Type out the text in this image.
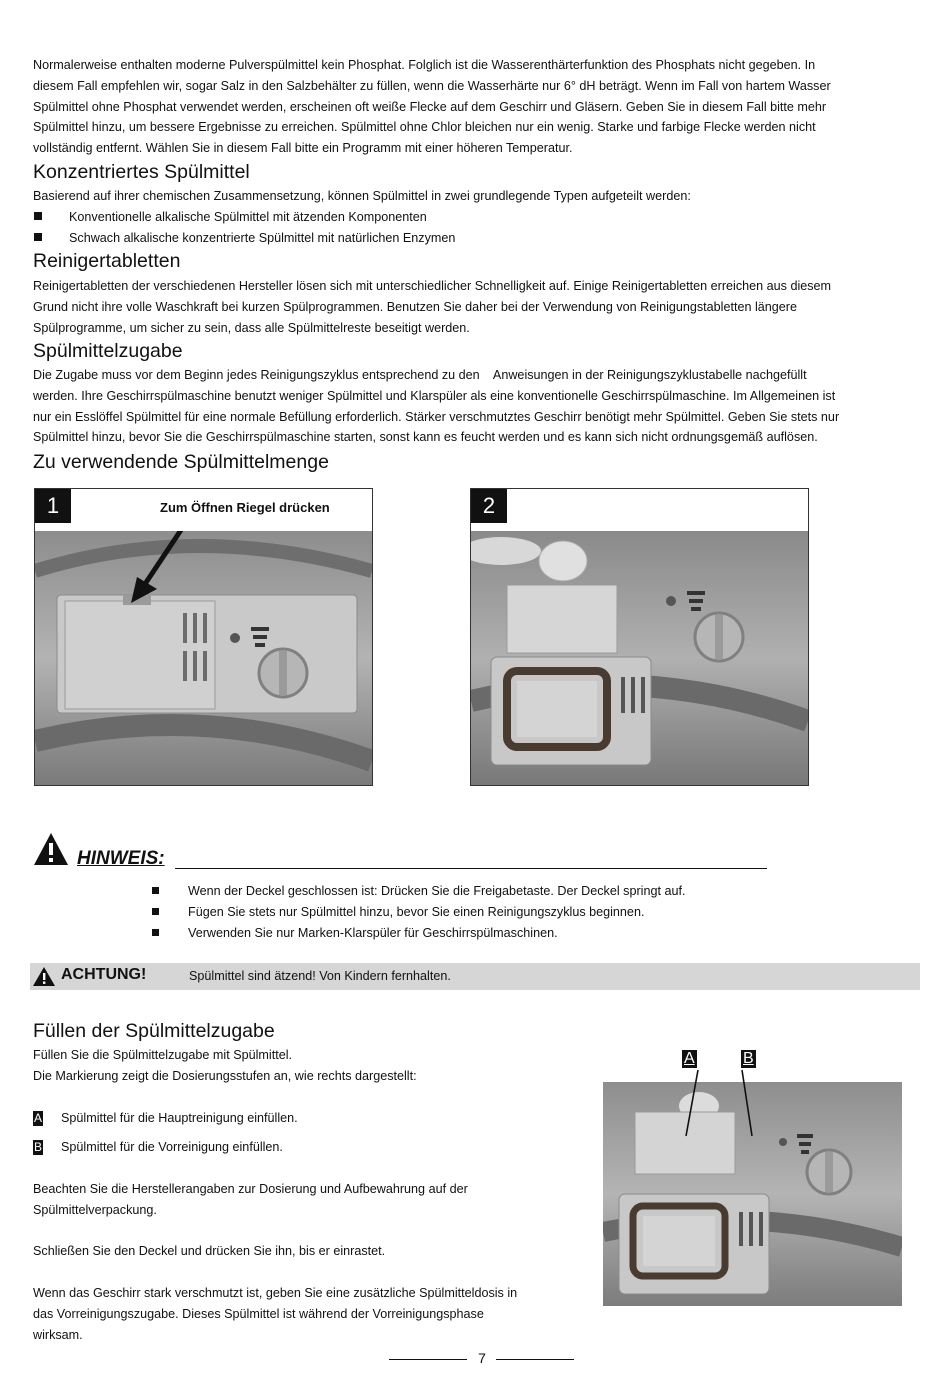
Normalerweise enthalten moderne Pulverspülmittel kein Phosphat. Folglich ist die Wasserenthärterfunktion des Phosphats nicht gegeben. In
diesem Fall empfehlen wir, sogar Salz in den Salzbehälter zu füllen, wenn die Wasserhärte nur 6° dH beträgt. Wenn im Fall von hartem Wasser
Spülmittel ohne Phosphat verwendet werden, erscheinen oft weiße Flecke auf dem Geschirr und Gläsern. Geben Sie in diesem Fall bitte mehr
Spülmittel hinzu, um bessere Ergebnisse zu erreichen. Spülmittel ohne Chlor bleichen nur ein wenig. Starke und farbige Flecke werden nicht
vollständig entfernt. Wählen Sie in diesem Fall bitte ein Programm mit einer höheren Temperatur.
Konzentriertes Spülmittel
Basierend auf ihrer chemischen Zusammensetzung, können Spülmittel in zwei grundlegende Typen aufgeteilt werden:
Konventionelle alkalische Spülmittel mit ätzenden Komponenten
Schwach alkalische konzentrierte Spülmittel mit natürlichen Enzymen
Reinigertabletten
Reinigertabletten der verschiedenen Hersteller lösen sich mit unterschiedlicher Schnelligkeit auf. Einige Reinigertabletten erreichen aus diesem
Grund nicht ihre volle Waschkraft bei kurzen Spülprogrammen. Benutzen Sie daher bei der Verwendung von Reinigungstabletten längere
Spülprogramme, um sicher zu sein, dass alle Spülmittelreste beseitigt werden.
Spülmittelzugabe
Die Zugabe muss vor dem Beginn jedes Reinigungszyklus entsprechend zu den    Anweisungen in der Reinigungszyklustabelle nachgefüllt
werden. Ihre Geschirrspülmaschine benutzt weniger Spülmittel und Klarspüler als eine konventionelle Geschirrspülmaschine. Im Allgemeinen ist
nur ein Esslöffel Spülmittel für eine normale Befüllung erforderlich. Stärker verschmutztes Geschirr benötigt mehr Spülmittel. Geben Sie stets nur
Spülmittel hinzu, bevor Sie die Geschirrspülmaschine starten, sonst kann es feucht werden und es kann sich nicht ordnungsgemäß auflösen.
Zu verwendende Spülmittelmenge
1	Zum Öffnen Riegel drücken	2
HINWEIS:
Wenn der Deckel geschlossen ist: Drücken Sie die Freigabetaste. Der Deckel springt auf.
Fügen Sie stets nur Spülmittel hinzu, bevor Sie einen Reinigungszyklus beginnen.
Verwenden Sie nur Marken-Klarspüler für Geschirrspülmaschinen.
ACHTUNG!	Spülmittel sind ätzend! Von Kindern fernhalten.
Füllen der Spülmittelzugabe
Füllen Sie die Spülmittelzugabe mit Spülmittel.
Die Markierung zeigt die Dosierungsstufen an, wie rechts dargestellt:
A Spülmittel für die Hauptreinigung einfüllen.
B Spülmittel für die Vorreinigung einfüllen.
Beachten Sie die Herstellerangaben zur Dosierung und Aufbewahrung auf der
Spülmittelverpackung.
Schließen Sie den Deckel und drücken Sie ihn, bis er einrastet.
Wenn das Geschirr stark verschmutzt ist, geben Sie eine zusätzliche Spülmitteldosis in
das Vorreinigungszugabe. Dieses Spülmittel ist während der Vorreinigungsphase
wirksam.
A	B
7
